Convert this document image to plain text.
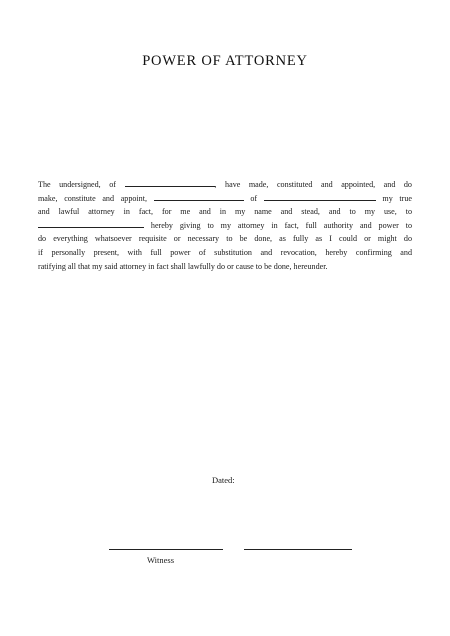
POWER OF ATTORNEY
The undersigned, of	, have made, constituted and appointed, and do
make, constitute and appoint,	of	my true
and lawful attorney in fact, for me and in my name and stead, and to my use, to
hereby giving to my attorney in fact, full authority and power to
do everything whatsoever requisite or necessary to be done, as fully as I could or might do
if personally present, with full power of substitution and revocation, hereby confirming and
ratifying all that my said attorney in fact shall lawfully do or cause to be done, hereunder.
Dated:
Witness
